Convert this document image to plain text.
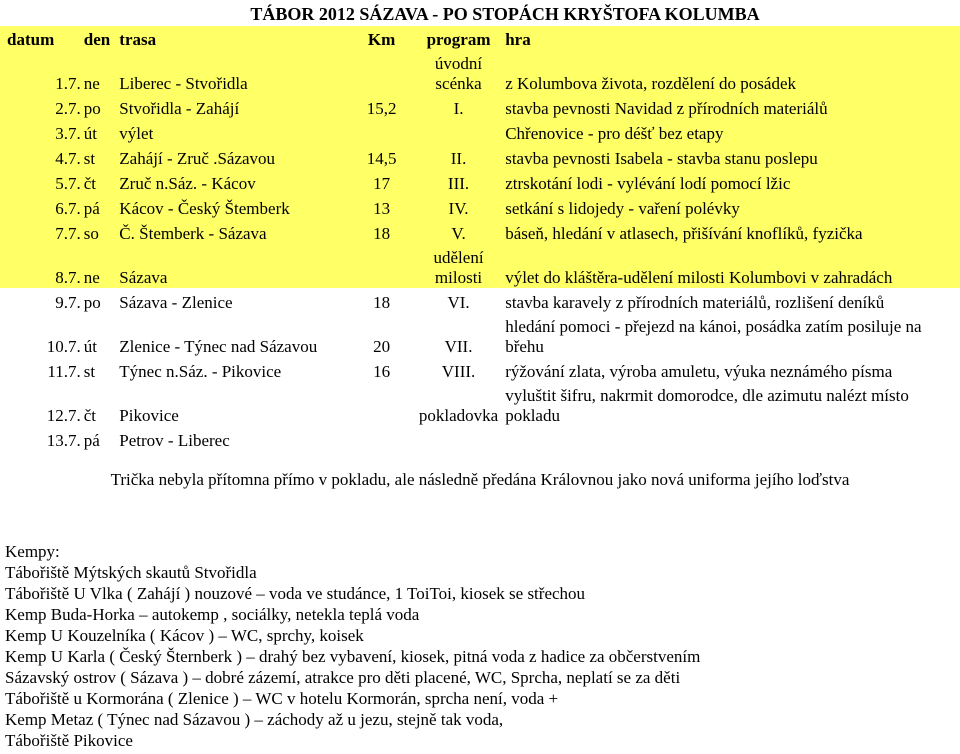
TÁBOR 2012 SÁZAVA - PO STOPÁCH KRYŠTOFA KOLUMBA
datum	den	trasa	Km	program	hra
1.7.	ne	Liberec - Stvořidla		úvodní scénka	z Kolumbova života, rozdělení do posádek
2.7.	po	Stvořidla - Zahájí	15,2	I.	stavba pevnosti Navidad z přírodních materiálů
3.7.	út	výlet			Chřenovice - pro déšť bez etapy
4.7.	st	Zahájí - Zruč .Sázavou	14,5	II.	stavba pevnosti Isabela - stavba stanu poslepu
5.7.	čt	Zruč n.Sáz. - Kácov	17	III.	ztrskotání lodi - vylévání lodí pomocí lžic
6.7.	pá	Kácov - Český Štemberk	13	IV.	setkání s lidojedy - vaření polévky
7.7.	so	Č. Štemberk - Sázava	18	V.	báseň, hledání v atlasech, přišívání knoflíků, fyzička
8.7.	ne	Sázava		udělení milosti	výlet do kláštěra-udělení milosti Kolumbovi v zahradách
9.7.	po	Sázava - Zlenice	18	VI.	stavba karavely z přírodních materiálů, rozlišení deníků
10.7.	út	Zlenice - Týnec nad Sázavou	20	VII.	hledání pomoci - přejezd na kánoi, posádka zatím posiluje na břehu
11.7.	st	Týnec n.Sáz. - Pikovice	16	VIII.	rýžování zlata, výroba amuletu, výuka neznámého písma
12.7.	čt	Pikovice		pokladovka	vyluštit šifru, nakrmit domorodce, dle azimutu nalézt místo pokladu
13.7.	pá	Petrov - Liberec			
Trička nebyla přítomna přímo v pokladu, ale následně předána Královnou jako nová uniforma jejího loďstva
Kempy:
Tábořiště Mýtských skautů Stvořidla
Tábořiště U Vlka ( Zahájí ) nouzové – voda ve studánce, 1 ToiToi, kiosek se střechou
Kemp Buda-Horka – autokemp , sociálky, netekla teplá voda
Kemp U Kouzelníka ( Kácov ) – WC, sprchy, koisek
Kemp U Karla ( Český Šternberk ) – drahý bez vybavení, kiosek, pitná voda z hadice za občerstvením
Sázavský ostrov ( Sázava ) – dobré zázemí, atrakce pro děti placené, WC, Sprcha, neplatí se za děti
Tábořiště u Kormorána ( Zlenice ) – WC v hotelu Kormorán, sprcha není, voda +
Kemp Metaz ( Týnec nad Sázavou ) – záchody až u jezu, stejně tak voda,
Tábořiště Pikovice
